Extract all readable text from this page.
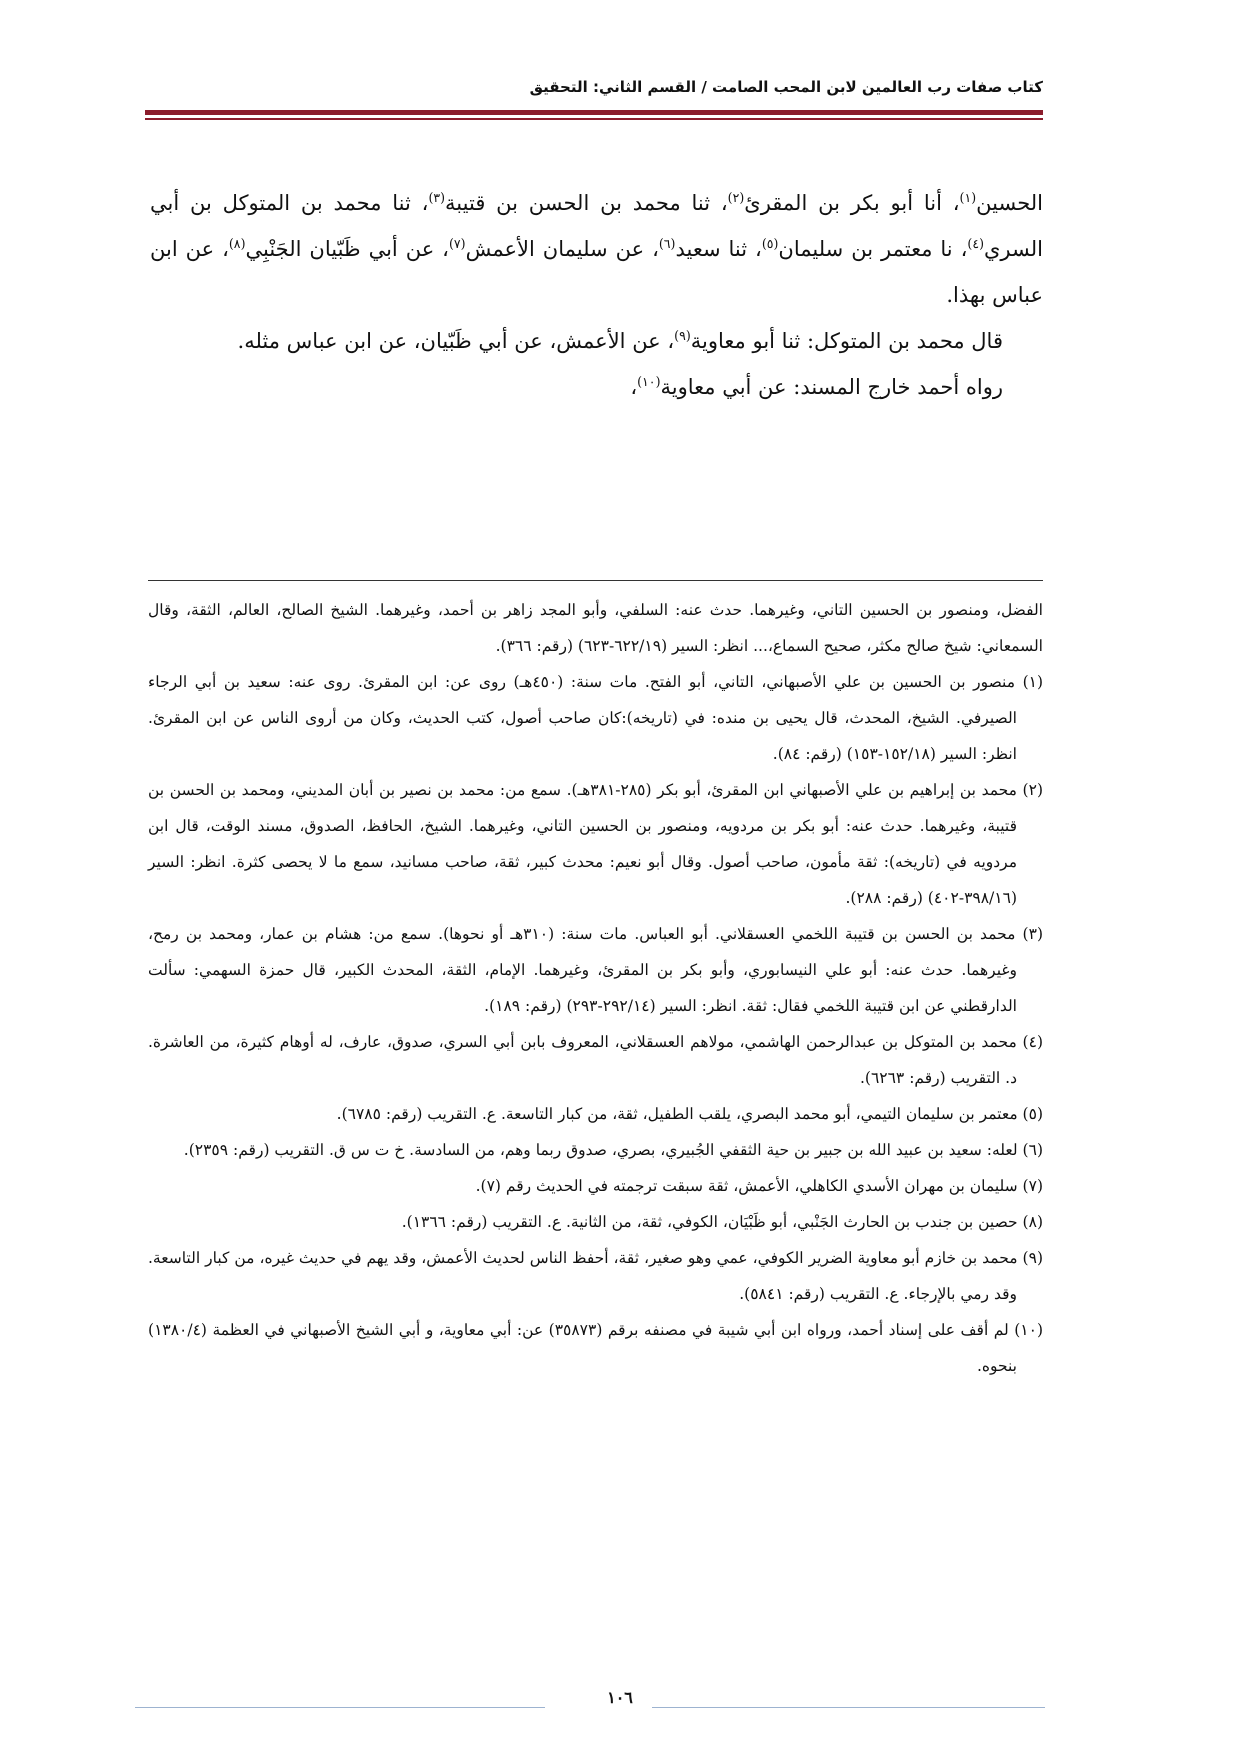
كتاب صفات رب العالمين لابن المحب الصامت / القسم الثاني: التحقيق

الحسين$^{(١)}$، أنا أبو بكر بن المقرئ$^{(٢)}$، ثنا محمد بن الحسن بن قتيبة$^{(٣)}$، ثنا محمد بن المتوكل بن أبي السري$^{(٤)}$، نا معتمر بن سليمان$^{(٥)}$، ثنا سعيد$^{(٦)}$، عن سليمان الأعمش$^{(٧)}$، عن أبي ظَبّيان الجَنْبِي$^{(٨)}$، عن ابن عباس بهذا.

قال محمد بن المتوكل: ثنا أبو معاوية$^{(٩)}$، عن الأعمش، عن أبي ظَبّيان، عن ابن عباس مثله.

رواه أحمد خارج المسند: عن أبي معاوية$^{(١٠)}$،

الفضل، ومنصور بن الحسين التاني، وغيرهما. حدث عنه: السلفي، وأبو المجد زاهر بن أحمد، وغيرهما. الشيخ الصالح، العالم، الثقة، وقال السمعاني: شيخ صالح مكثر، صحيح السماع،... انظر: السير (٦٢٢/١٩-٦٢٣) (رقم: ٣٦٦).

(١) منصور بن الحسين بن علي الأصبهاني، التاني، أبو الفتح. مات سنة: (٤٥٠هـ) روى عن: ابن المقرئ. روى عنه: سعيد بن أبي الرجاء الصيرفي. الشيخ، المحدث، قال يحيى بن منده: في (تاريخه):كان صاحب أصول، كتب الحديث، وكان من أروى الناس عن ابن المقرئ. انظر: السير (١٥٢/١٨-١٥٣) (رقم: ٨٤).

(٢) محمد بن إبراهيم بن علي الأصبهاني ابن المقرئ، أبو بكر (٢٨٥-٣٨١هـ). سمع من: محمد بن نصير بن أبان المديني، ومحمد بن الحسن بن قتيبة، وغيرهما. حدث عنه: أبو بكر بن مردويه، ومنصور بن الحسين التاني، وغيرهما. الشيخ، الحافظ، الصدوق، مسند الوقت، قال ابن مردويه في (تاريخه): ثقة مأمون، صاحب أصول. وقال أبو نعيم: محدث كبير، ثقة، صاحب مسانيد، سمع ما لا يحصى كثرة. انظر: السير (٣٩٨/١٦-٤٠٢) (رقم: ٢٨٨).

(٣) محمد بن الحسن بن قتيبة اللخمي العسقلاني. أبو العباس. مات سنة: (٣١٠هـ أو نحوها). سمع من: هشام بن عمار، ومحمد بن رمح، وغيرهما. حدث عنه: أبو علي النيسابوري، وأبو بكر بن المقرئ، وغيرهما. الإمام، الثقة، المحدث الكبير، قال حمزة السهمي: سألت الدارقطني عن ابن قتيبة اللخمي فقال: ثقة. انظر: السير (٢٩٢/١٤-٢٩٣) (رقم: ١٨٩).

(٤) محمد بن المتوكل بن عبدالرحمن الهاشمي، مولاهم العسقلاني، المعروف بابن أبي السري، صدوق، عارف، له أوهام كثيرة، من العاشرة. د. التقريب (رقم: ٦٢٦٣).

(٥) معتمر بن سليمان التيمي، أبو محمد البصري، يلقب الطفيل، ثقة، من كبار التاسعة. ع. التقريب (رقم: ٦٧٨٥).

(٦) لعله: سعيد بن عبيد الله بن جبير بن حية الثقفي الجُبيري، بصري، صدوق ربما وهم، من السادسة. خ ت س ق. التقريب (رقم: ٢٣٥٩).

(٧) سليمان بن مهران الأسدي الكاهلي، الأعمش، ثقة سبقت ترجمته في الحديث رقم (٧).

(٨) حصين بن جندب بن الحارث الجَنْبي، أبو ظَبْيَان، الكوفي، ثقة، من الثانية. ع. التقريب (رقم: ١٣٦٦).

(٩) محمد بن خازم أبو معاوية الضرير الكوفي، عمي وهو صغير، ثقة، أحفظ الناس لحديث الأعمش، وقد يهم في حديث غيره، من كبار التاسعة. وقد رمي بالإرجاء. ع. التقريب (رقم: ٥٨٤١).

(١٠) لم أقف على إسناد أحمد، ورواه ابن أبي شيبة في مصنفه برقم (٣٥٨٧٣) عن: أبي معاوية، و أبي الشيخ الأصبهاني في العظمة (١٣٨٠/٤) بنحوه.

١٠٦
